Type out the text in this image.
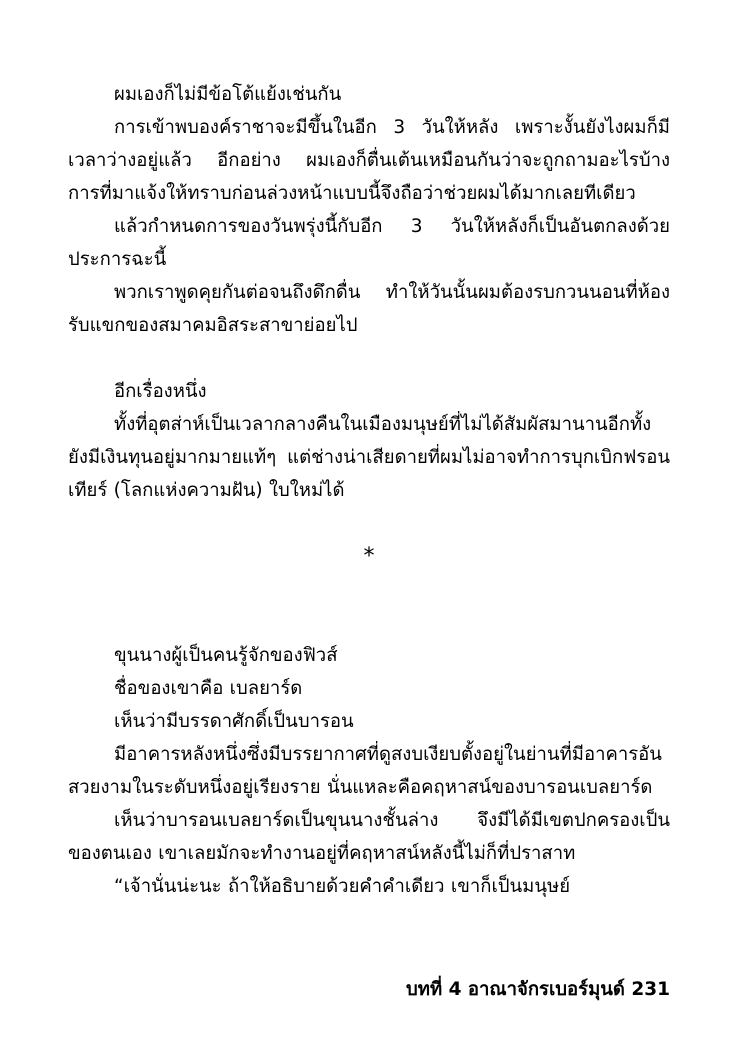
ผมเองก็ไม่มีข้อโต้แย้งเช่นกัน

การเข้าพบองค์ราชาจะมีขึ้นในอีก 3 วันให้หลัง เพราะงั้นยังไงผมก็มีเวลาว่างอยู่แล้ว อีกอย่าง ผมเองก็ตื่นเต้นเหมือนกันว่าจะถูกถามอะไรบ้าง การที่มาแจ้งให้ทราบก่อนล่วงหน้าแบบนี้จึงถือว่าช่วยผมได้มากเลยทีเดียว

แล้วกำหนดการของวันพรุ่งนี้กับอีก 3 วันให้หลังก็เป็นอันตกลงด้วยประการฉะนี้

พวกเราพูดคุยกันต่อจนถึงดึกดื่น ทำให้วันนั้นผมต้องรบกวนนอนที่ห้องรับแขกของสมาคมอิสระสาขาย่อยไป

อีกเรื่องหนึ่ง

ทั้งที่อุตส่าห์เป็นเวลากลางคืนในเมืองมนุษย์ที่ไม่ได้สัมผัสมานานอีกทั้งยังมีเงินทุนอยู่มากมายแท้ๆ แต่ช่างน่าเสียดายที่ผมไม่อาจทำการบุกเบิกฟรอนเทียร์ (โลกแห่งความฝัน) ใบใหม่ได้

*

ขุนนางผู้เป็นคนรู้จักของฟิวส์

ชื่อของเขาคือ เบลยาร์ด

เห็นว่ามีบรรดาศักดิ์เป็นบารอน

มีอาคารหลังหนึ่งซึ่งมีบรรยากาศที่ดูสงบเงียบตั้งอยู่ในย่านที่มีอาคารอันสวยงามในระดับหนึ่งอยู่เรียงราย นั่นแหละคือคฤหาสน์ของบารอนเบลยาร์ด

เห็นว่าบารอนเบลยาร์ดเป็นขุนนางชั้นล่าง จึงมีได้มีเขตปกครองเป็นของตนเอง เขาเลยมักจะทำงานอยู่ที่คฤหาสน์หลังนี้ไม่ก็ที่ปราสาท

“เจ้านั่นน่ะนะ ถ้าให้อธิบายด้วยคำคำเดียว เขาก็เป็นมนุษย์

บทที่ 4 อาณาจักรเบอร์มุนด์ 231
